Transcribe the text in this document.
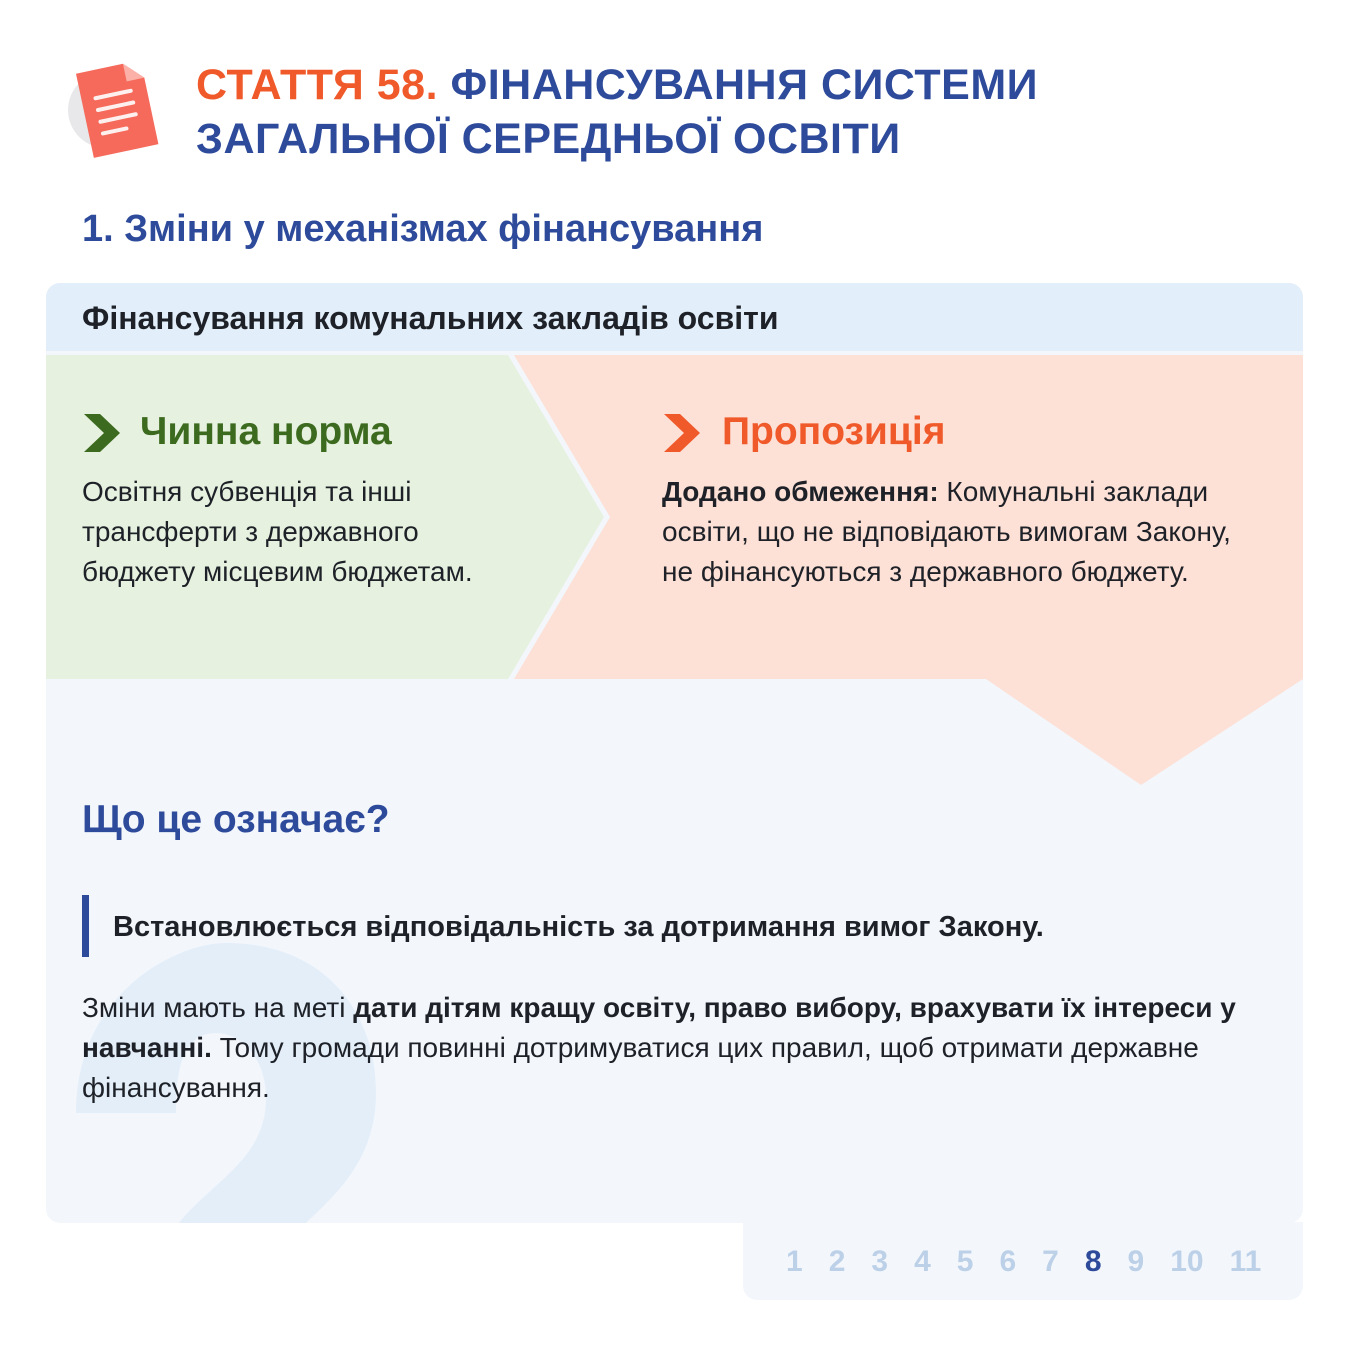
СТАТТЯ 58. ФІНАНСУВАННЯ СИСТЕМИ
ЗАГАЛЬНОЇ СЕРЕДНЬОЇ ОСВІТИ
1. Зміни у механізмах фінансування
Фінансування комунальних закладів освіти
Чинна норма

Освітня субвенція та інші трансферти з державного бюджету місцевим бюджетам.

Пропозиція

Додано обмеження: Комунальні заклади освіти, що не відповідають вимогам Закону, не фінансуються з державного бюджету.

Що це означає?

Встановлюється відповідальність за дотримання вимог Закону.

Зміни мають на меті дати дітям кращу освіту, право вибору, врахувати їх інтереси у навчанні. Тому громади повинні дотримуватися цих правил, щоб отримати державне фінансування.

1 2 3 4 5 6 7 8 9 10 11
